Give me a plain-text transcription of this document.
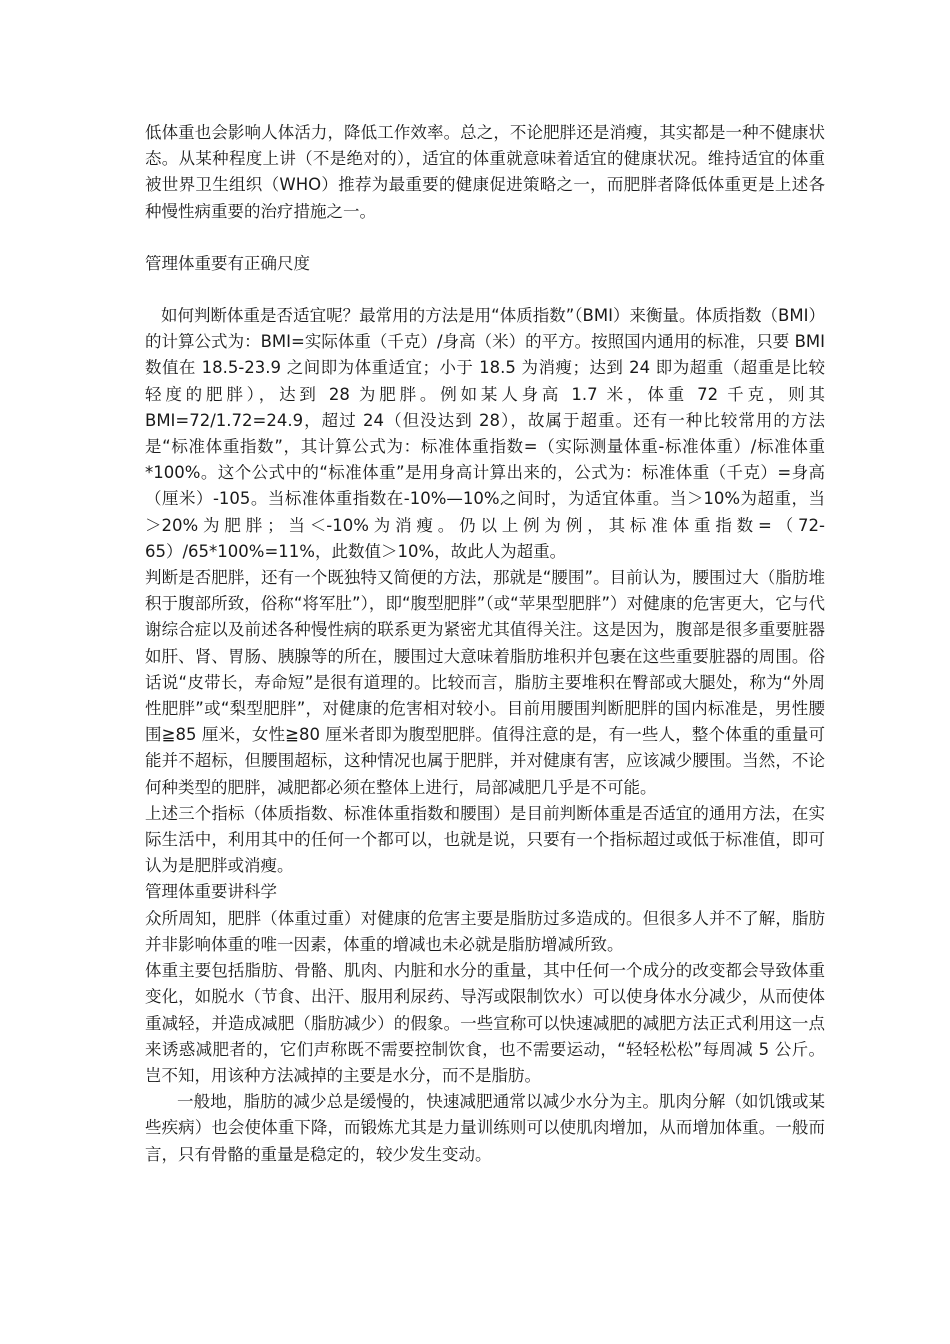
低体重也会影响人体活力，降低工作效率。总之，不论肥胖还是消瘦，其实都是一种不健康状态。从某种程度上讲（不是绝对的），适宜的体重就意味着适宜的健康状况。维持适宜的体重被世界卫生组织（WHO）推荐为最重要的健康促进策略之一，而肥胖者降低体重更是上述各种慢性病重要的治疗措施之一。

管理体重要有正确尺度

如何判断体重是否适宜呢？最常用的方法是用“体质指数”（BMI）来衡量。体质指数（BMI）的计算公式为：BMI=实际体重（千克）/身高（米）的平方。按照国内通用的标准，只要 BMI 数值在 18.5-23.9 之间即为体重适宜；小于 18.5 为消瘦；达到 24 即为超重（超重是比较轻度的肥胖），达到 28 为肥胖。例如某人身高 1.7 米，体重 72 千克，则其 BMI=72/1.72=24.9，超过 24（但没达到 28），故属于超重。还有一种比较常用的方法是“标准体重指数”，其计算公式为：标准体重指数=（实际测量体重-标准体重）/标准体重*100%。这个公式中的“标准体重”是用身高计算出来的，公式为：标准体重（千克）=身高（厘米）-105。当标准体重指数在-10%—10%之间时，为适宜体重。当＞10%为超重，当＞20%为肥胖；当＜-10%为消瘦。仍以上例为例，其标准体重指数=（72-65）/65*100%=11%，此数值＞10%，故此人为超重。

判断是否肥胖，还有一个既独特又简便的方法，那就是“腰围”。目前认为，腰围过大（脂肪堆积于腹部所致，俗称“将军肚”），即“腹型肥胖”（或“苹果型肥胖”）对健康的危害更大，它与代谢综合症以及前述各种慢性病的联系更为紧密尤其值得关注。这是因为，腹部是很多重要脏器如肝、肾、胃肠、胰腺等的所在，腰围过大意味着脂肪堆积并包裹在这些重要脏器的周围。俗话说“皮带长，寿命短”是很有道理的。比较而言，脂肪主要堆积在臀部或大腿处，称为“外周性肥胖”或“梨型肥胖”，对健康的危害相对较小。目前用腰围判断肥胖的国内标准是，男性腰围≧85 厘米，女性≧80 厘米者即为腹型肥胖。值得注意的是，有一些人，整个体重的重量可能并不超标，但腰围超标，这种情况也属于肥胖，并对健康有害，应该减少腰围。当然，不论何种类型的肥胖，减肥都必须在整体上进行，局部减肥几乎是不可能。

上述三个指标（体质指数、标准体重指数和腰围）是目前判断体重是否适宜的通用方法，在实际生活中，利用其中的任何一个都可以，也就是说，只要有一个指标超过或低于标准值，即可认为是肥胖或消瘦。

管理体重要讲科学

众所周知，肥胖（体重过重）对健康的危害主要是脂肪过多造成的。但很多人并不了解，脂肪并非影响体重的唯一因素，体重的增减也未必就是脂肪增减所致。

体重主要包括脂肪、骨骼、肌肉、内脏和水分的重量，其中任何一个成分的改变都会导致体重变化，如脱水（节食、出汗、服用利尿药、导泻或限制饮水）可以使身体水分减少，从而使体重减轻，并造成减肥（脂肪减少）的假象。一些宣称可以快速减肥的减肥方法正式利用这一点来诱惑减肥者的，它们声称既不需要控制饮食，也不需要运动，“轻轻松松”每周减 5 公斤。岂不知，用该种方法减掉的主要是水分，而不是脂肪。

一般地，脂肪的减少总是缓慢的，快速减肥通常以减少水分为主。肌肉分解（如饥饿或某些疾病）也会使体重下降，而锻炼尤其是力量训练则可以使肌肉增加，从而增加体重。一般而言，只有骨骼的重量是稳定的，较少发生变动。
